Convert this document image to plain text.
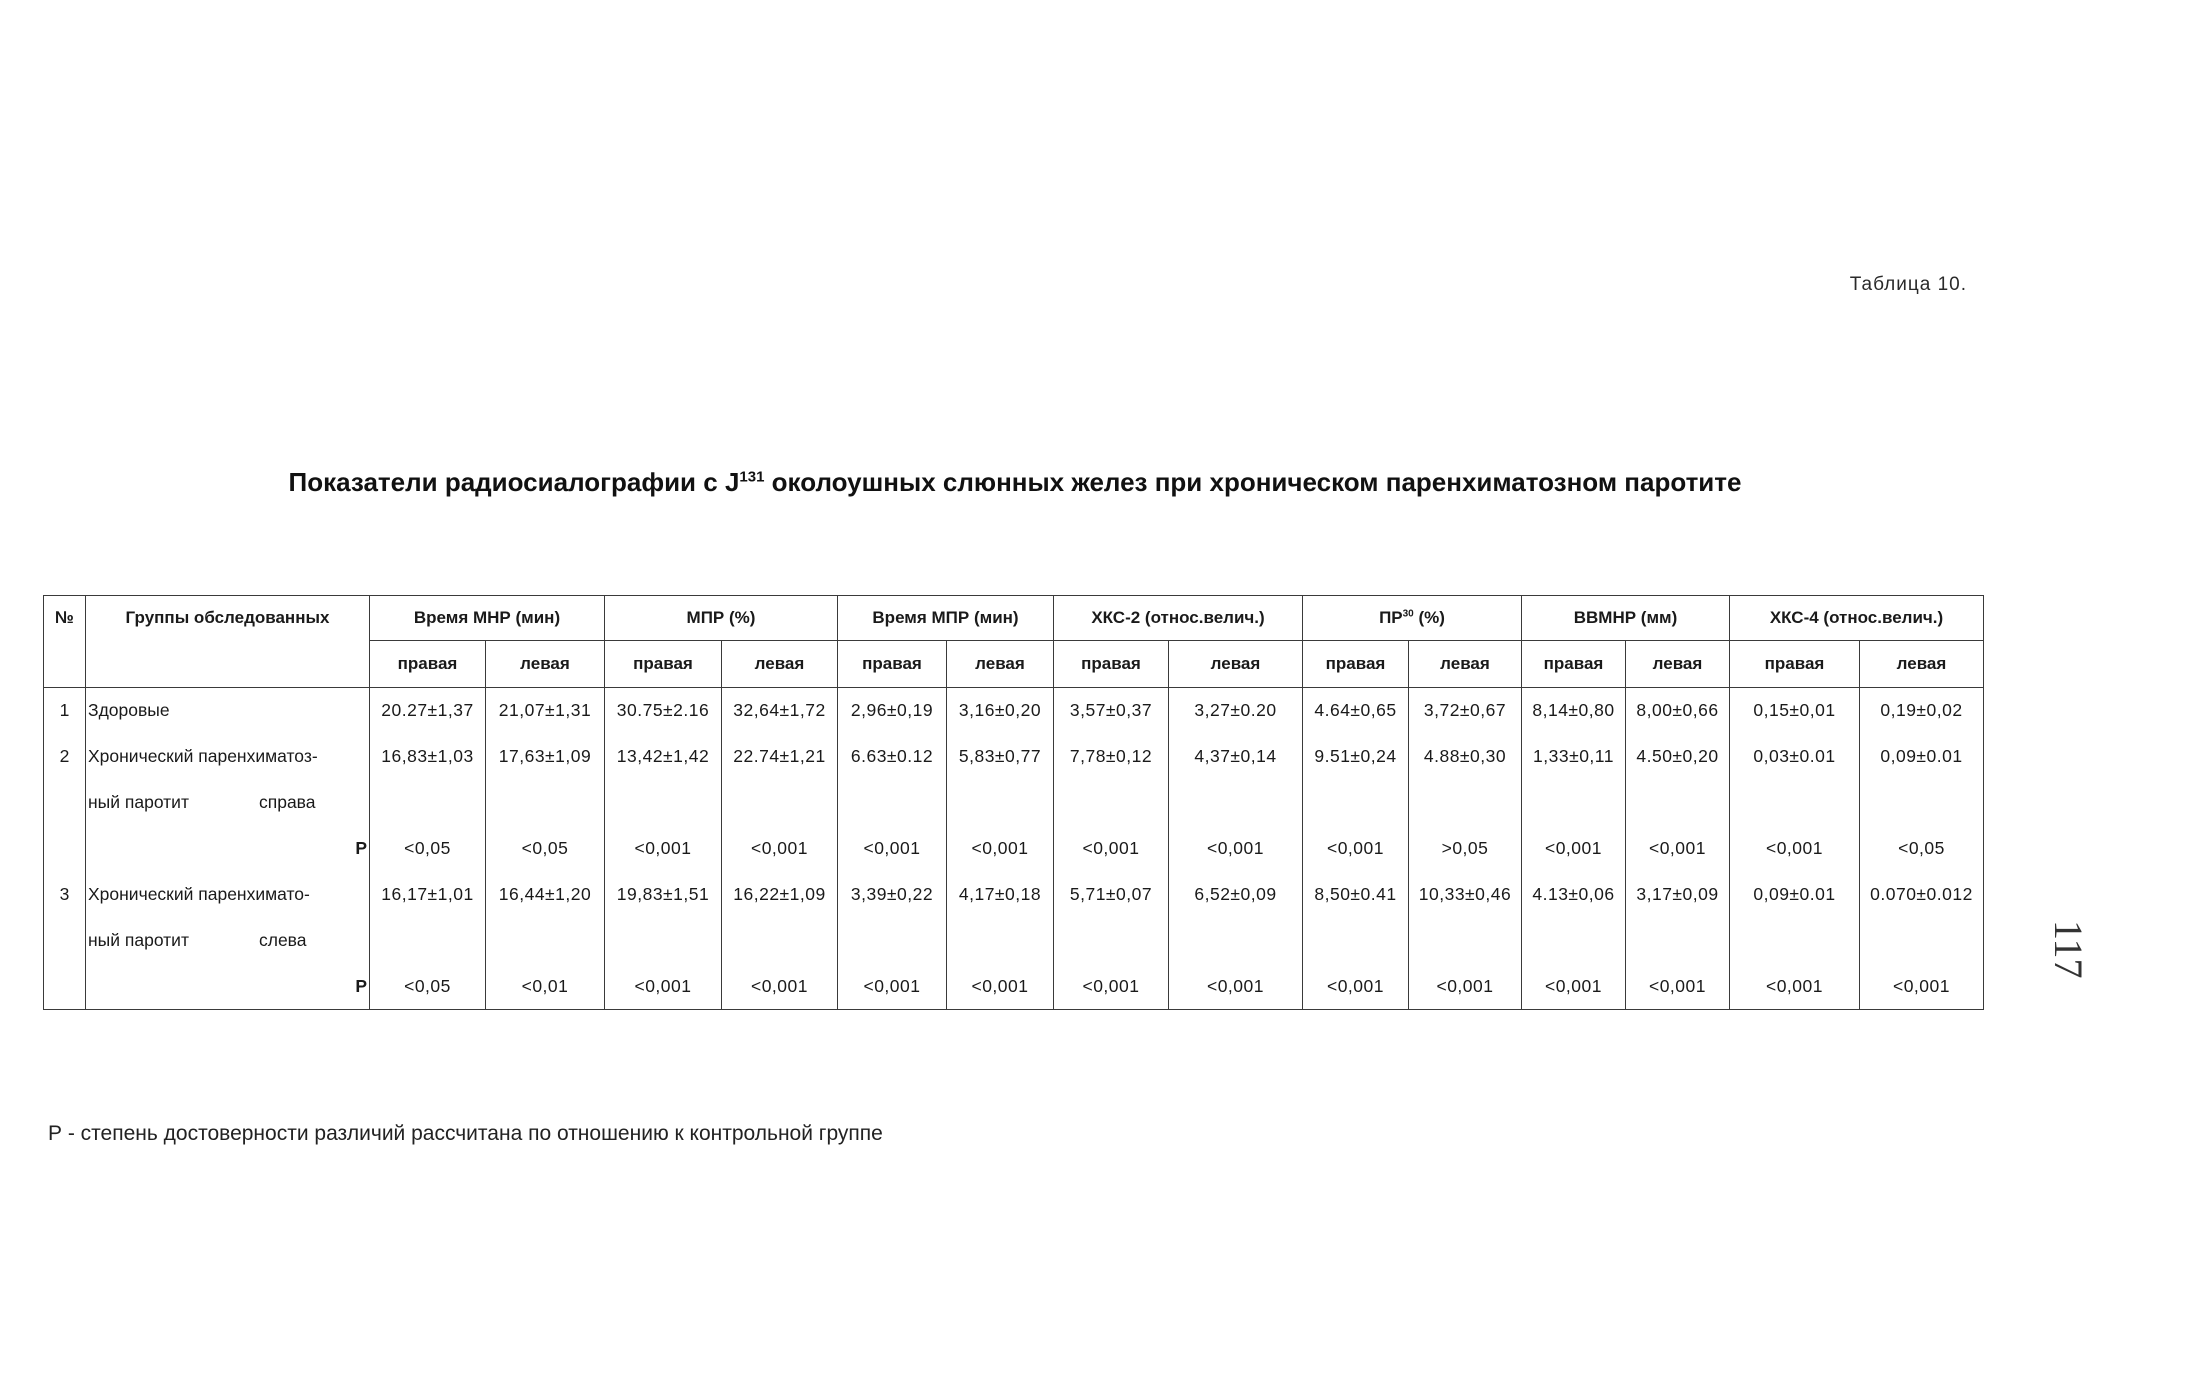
Таблица 10.
Показатели радиосиалографии с $J^{131}$ околоушных слюнных желез при хроническом паренхиматозном паротите
№	Группы обследованных	Время МНР (мин)		МПР (%)		Время МПР (мин)		ХКС-2 (относ.велич.)		ПР$^{30}$ (%)		ВВМНР (мм)		ХКС-4 (относ.велич.)	
		правая	левая	правая	левая	правая	левая	правая	левая	правая	левая	правая	левая	правая	левая
1	Здоровые	20.27±1,37	21,07±1,31	30.75±2.16	32,64±1,72	2,96±0,19	3,16±0,20	3,57±0,37	3,27±0.20	4.64±0,65	3,72±0,67	8,14±0,80	8,00±0,66	0,15±0,01	0,19±0,02
2	Хронический паренхиматоз-	16,83±1,03	17,63±1,09	13,42±1,42	22.74±1,21	6.63±0.12	5,83±0,77	7,78±0,12	4,37±0,14	9.51±0,24	4.88±0,30	1,33±0,11	4.50±0,20	0,03±0.01	0,09±0.01
	ный паротит справа														
	P	<0,05	<0,05	<0,001	<0,001	<0,001	<0,001	<0,001	<0,001	<0,001	>0,05	<0,001	<0,001	<0,001	<0,05
3	Хронический паренхимато-	16,17±1,01	16,44±1,20	19,83±1,51	16,22±1,09	3,39±0,22	4,17±0,18	5,71±0,07	6,52±0,09	8,50±0.41	10,33±0,46	4.13±0,06	3,17±0,09	0,09±0.01	0.070±0.012
	ный паротит слева														
	P	<0,05	<0,01	<0,001	<0,001	<0,001	<0,001	<0,001	<0,001	<0,001	<0,001	<0,001	<0,001	<0,001	<0,001
Р - степень достоверности различий рассчитана по отношению к контрольной группе
117
